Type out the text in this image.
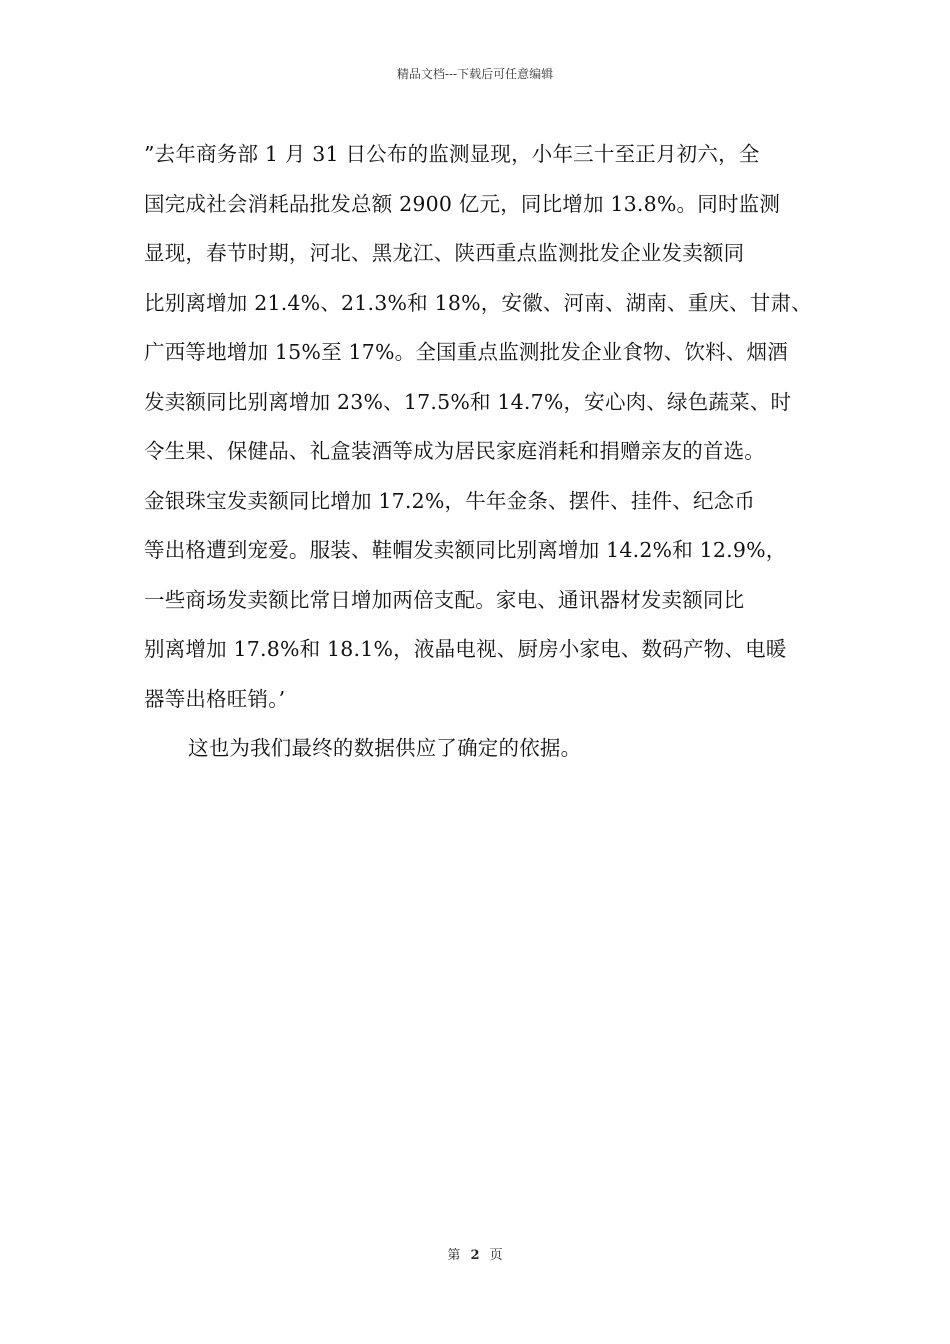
精品文档---下载后可任意编辑
”去年商务部 1 月 31 日公布的监测显现，小年三十至正月初六，全
国完成社会消耗品批发总额 2900 亿元，同比增加 13.8%。同时监测
显现，春节时期，河北、黑龙江、陕西重点监测批发企业发卖额同
比别离增加 21.4%、21.3%和 18%，安徽、河南、湖南、重庆、甘肃、
广西等地增加 15%至 17%。全国重点监测批发企业食物、饮料、烟酒
发卖额同比别离增加 23%、17.5%和 14.7%，安心肉、绿色蔬菜、时
令生果、保健品、礼盒装酒等成为居民家庭消耗和捐赠亲友的首选。
金银珠宝发卖额同比增加 17.2%，牛年金条、摆件、挂件、纪念币
等出格遭到宠爱。服装、鞋帽发卖额同比别离增加 14.2%和 12.9%，
一些商场发卖额比常日增加两倍支配。家电、通讯器材发卖额同比
别离增加 17.8%和 18.1%，液晶电视、厨房小家电、数码产物、电暖
器等出格旺销。’
这也为我们最终的数据供应了确定的依据。
第 2 页
